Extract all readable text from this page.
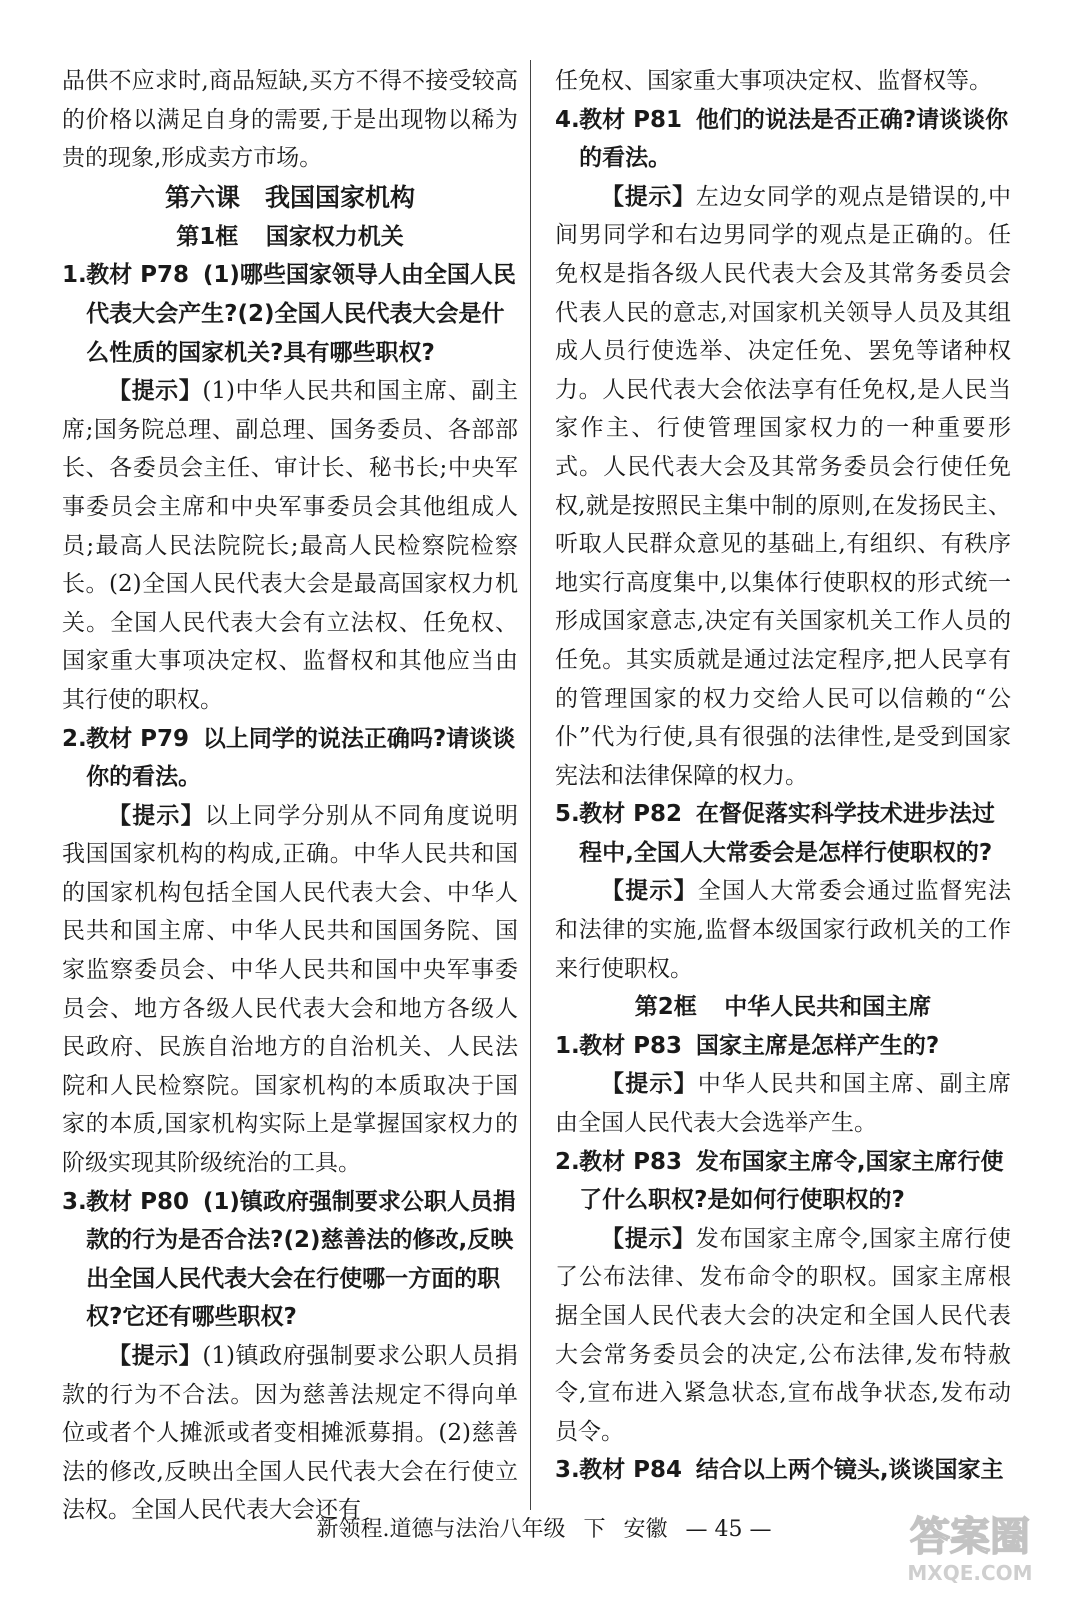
品供不应求时,商品短缺,买方不得不接受较高的价格以满足自身的需要,于是出现物以稀为贵的现象,形成卖方市场。

第六课　我国国家机构

第1框 国家权力机关

1. 教材 P78 (1)哪些国家领导人由全国人民代表大会产生?(2)全国人民代表大会是什么性质的国家机关?具有哪些职权?

【提示】(1)中华人民共和国主席、副主席;国务院总理、副总理、国务委员、各部部长、各委员会主任、审计长、秘书长;中央军事委员会主席和中央军事委员会其他组成人员;最高人民法院院长;最高人民检察院检察长。(2)全国人民代表大会是最高国家权力机关。全国人民代表大会有立法权、任免权、国家重大事项决定权、监督权和其他应当由其行使的职权。

2. 教材 P79 以上同学的说法正确吗?请谈谈你的看法。

【提示】以上同学分别从不同角度说明我国国家机构的构成,正确。中华人民共和国的国家机构包括全国人民代表大会、中华人民共和国主席、中华人民共和国国务院、国家监察委员会、中华人民共和国中央军事委员会、地方各级人民代表大会和地方各级人民政府、民族自治地方的自治机关、人民法院和人民检察院。国家机构的本质取决于国家的本质,国家机构实际上是掌握国家权力的阶级实现其阶级统治的工具。

3. 教材 P80 (1)镇政府强制要求公职人员捐款的行为是否合法?(2)慈善法的修改,反映出全国人民代表大会在行使哪一方面的职权?它还有哪些职权?

【提示】(1)镇政府强制要求公职人员捐款的行为不合法。因为慈善法规定不得向单位或者个人摊派或者变相摊派募捐。(2)慈善法的修改,反映出全国人民代表大会在行使立法权。全国人民代表大会还有

任免权、国家重大事项决定权、监督权等。

4. 教材 P81 他们的说法是否正确?请谈谈你的看法。

【提示】左边女同学的观点是错误的,中间男同学和右边男同学的观点是正确的。任免权是指各级人民代表大会及其常务委员会代表人民的意志,对国家机关领导人员及其组成人员行使选举、决定任免、罢免等诸种权力。人民代表大会依法享有任免权,是人民当家作主、行使管理国家权力的一种重要形式。人民代表大会及其常务委员会行使任免权,就是按照民主集中制的原则,在发扬民主、听取人民群众意见的基础上,有组织、有秩序地实行高度集中,以集体行使职权的形式统一形成国家意志,决定有关国家机关工作人员的任免。其实质就是通过法定程序,把人民享有的管理国家的权力交给人民可以信赖的“公仆”代为行使,具有很强的法律性,是受到国家宪法和法律保障的权力。

5. 教材 P82 在督促落实科学技术进步法过程中,全国人大常委会是怎样行使职权的?

【提示】全国人大常委会通过监督宪法和法律的实施,监督本级国家行政机关的工作来行使职权。

第2框 中华人民共和国主席

1. 教材 P83 国家主席是怎样产生的?

【提示】中华人民共和国主席、副主席由全国人民代表大会选举产生。

2. 教材 P83 发布国家主席令,国家主席行使了什么职权?是如何行使职权的?

【提示】发布国家主席令,国家主席行使了公布法律、发布命令的职权。国家主席根据全国人民代表大会的决定和全国人民代表大会常务委员会的决定,公布法律,发布特赦令,宣布进入紧急状态,宣布战争状态,发布动员令。

3. 教材 P84 结合以上两个镜头,谈谈国家主
新领程.道德与法治八年级 下 安徽 — 45 —	答案圈
MXQE.COM
